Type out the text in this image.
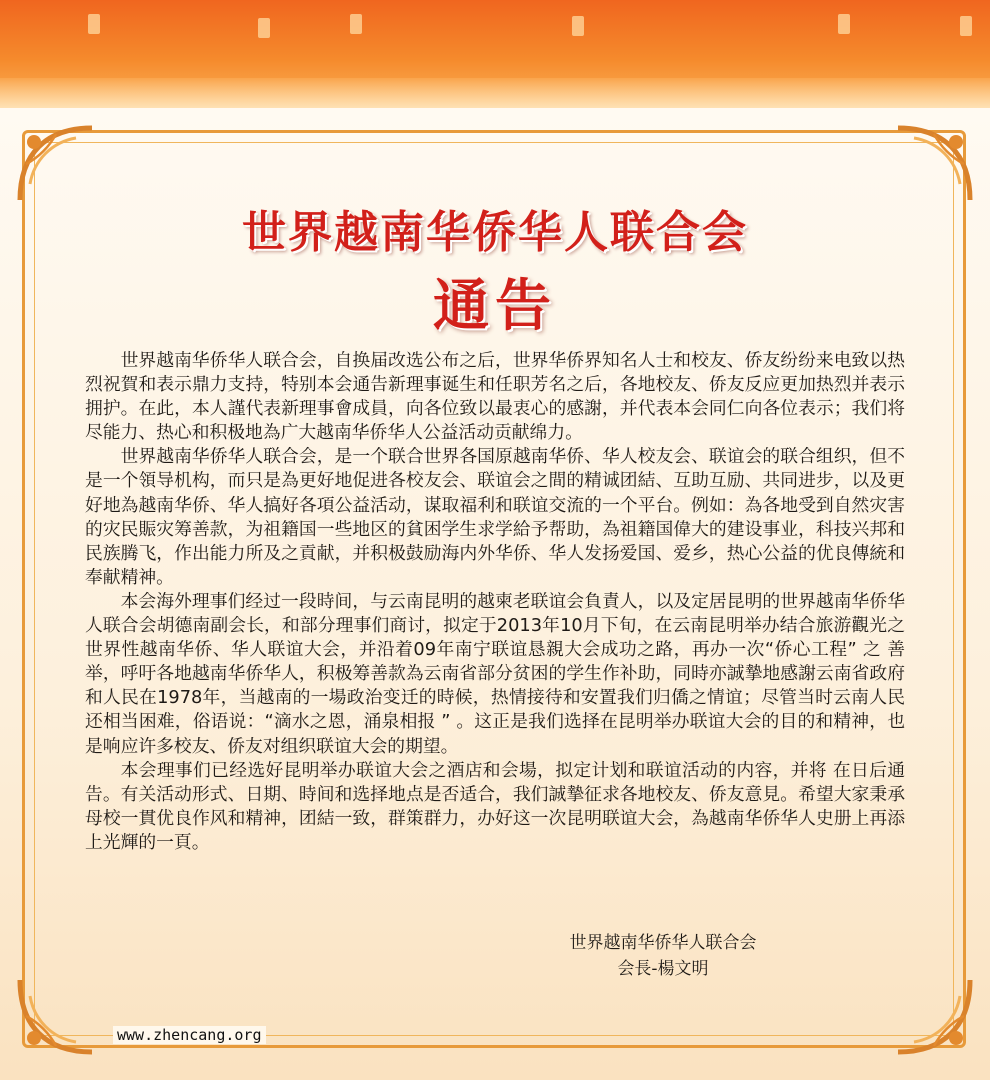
世界越南华侨华人联合会
通告

世界越南华侨华人联合会，自换届改选公布之后，世界华侨界知名人士和校友、侨友纷纷来电致以热烈祝賀和表示鼎力支持，特别本会通告新理事诞生和任职芳名之后，各地校友、侨友反应更加热烈并表示拥护。在此，本人謹代表新理事會成員，向各位致以最衷心的感謝，并代表本会同仁向各位表示；我们将尽能力、热心和积极地為广大越南华侨华人公益活动贡献绵力。

世界越南华侨华人联合会，是一个联合世界各国原越南华侨、华人校友会、联谊会的联合组织，但不是一个領导机构，而只是為更好地促进各校友会、联谊会之間的精诚团結、互助互励、共同进步，以及更好地為越南华侨、华人搞好各項公益活动，谋取福利和联谊交流的一个平台。例如：為各地受到自然灾害的灾民賑灾筹善款，为祖籍国一些地区的貧困学生求学給予帮助，為祖籍国偉大的建设事业，科技兴邦和民族腾飞，作出能力所及之貢献，并积极鼓励海内外华侨、华人发扬爱国、爱乡，热心公益的优良傳統和奉献精神。

本会海外理事们经过一段時间，与云南昆明的越柬老联谊会負責人，以及定居昆明的世界越南华侨华人联合会胡德南副会长，和部分理事们商讨，拟定于2013年10月下旬，在云南昆明举办结合旅游觀光之世界性越南华侨、华人联谊大会，并沿着09年南宁联谊恳親大会成功之路，再办一次“侨心工程” 之 善举，呼吁各地越南华侨华人，积极筹善款為云南省部分贫困的学生作补助，同時亦誠摯地感謝云南省政府和人民在1978年，当越南的一場政治变迁的時候，热情接待和安置我们归僑之情谊；尽管当时云南人民还相当困难，俗语说：“滴水之恩，涌泉相报 ” 。这正是我们选择在昆明举办联谊大会的目的和精神，也是响应许多校友、侨友对组织联谊大会的期望。

本会理事们已经选好昆明举办联谊大会之酒店和会場，拟定计划和联谊活动的内容，并将 在日后通告。有关活动形式、日期、時间和选择地点是否适合，我们誠摯征求各地校友、侨友意見。希望大家秉承母校一貫优良作风和精神，团結一致，群策群力，办好这一次昆明联谊大会，為越南华侨华人史册上再添上光輝的一頁。

世界越南华侨华人联合会
会長-楊文明
www.zhencang.org
